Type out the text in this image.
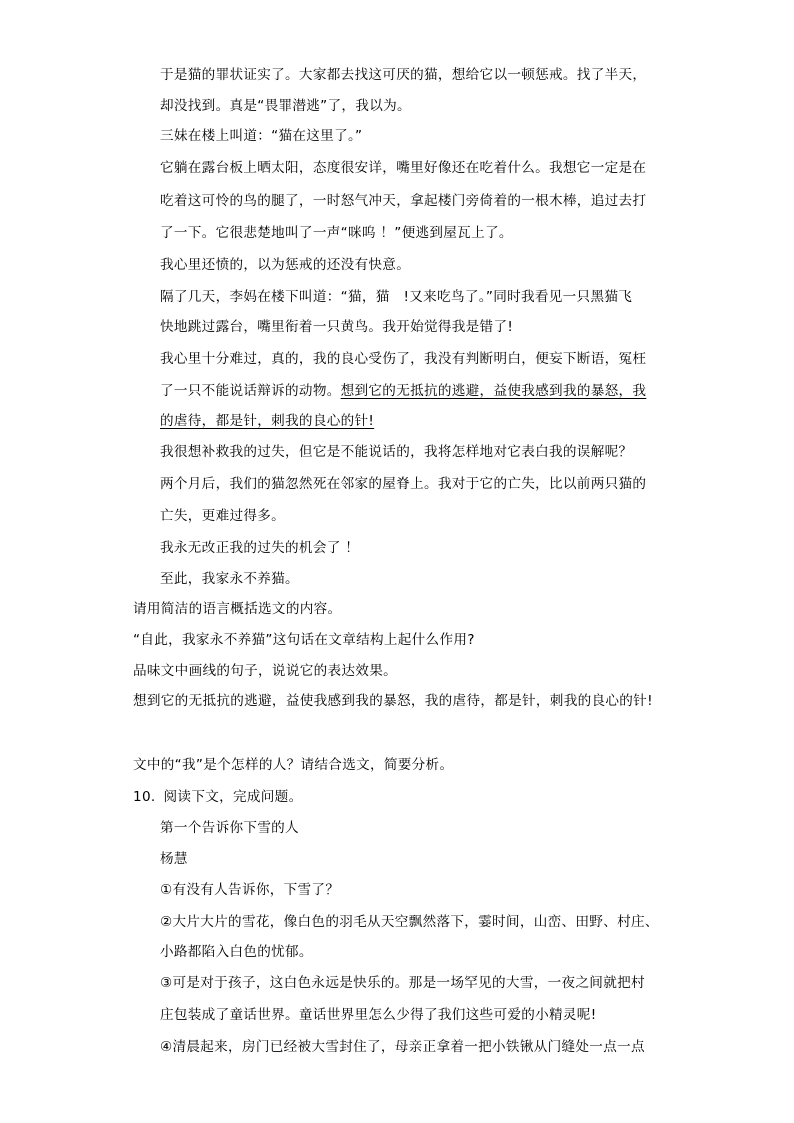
于是猫的罪状证实了。大家都去找这可厌的猫，想给它以一顿惩戒。找了半天，
却没找到。真是“畏罪潜逃”了，我以为。
三妹在楼上叫道：“猫在这里了。”
它躺在露台板上晒太阳，态度很安详，嘴里好像还在吃着什么。我想它一定是在
吃着这可怜的鸟的腿了，一时怒气冲天，拿起楼门旁倚着的一根木棒，追过去打
了一下。它很悲楚地叫了一声“咪呜 ！”便逃到屋瓦上了。
我心里还愤的，以为惩戒的还没有快意。
隔了几天，李妈在楼下叫道：“猫，猫　!又来吃鸟了。”同时我看见一只黑猫飞
快地跳过露台，嘴里衔着一只黄鸟。我开始觉得我是错了!
我心里十分难过，真的，我的良心受伤了，我没有判断明白，便妄下断语，冤枉
了一只不能说话辩诉的动物。想到它的无抵抗的逃避，益使我感到我的暴怒，我
的虐待，都是针，刺我的良心的针!
我很想补救我的过失，但它是不能说话的，我将怎样地对它表白我的误解呢？
两个月后，我们的猫忽然死在邻家的屋脊上。我对于它的亡失，比以前两只猫的
亡失，更难过得多。
我永无改正我的过失的机会了 ！
至此，我家永不养猫。
请用简洁的语言概括选文的内容。
“自此，我家永不养猫”这句话在文章结构上起什么作用?
品味文中画线的句子，说说它的表达效果。
想到它的无抵抗的逃避，益使我感到我的暴怒，我的虐待，都是针，刺我的良心的针!
文中的“我”是个怎样的人？请结合选文，简要分析。
10. 阅读下文，完成问题。
第一个告诉你下雪的人
杨慧
①有没有人告诉你，下雪了？
②大片大片的雪花，像白色的羽毛从天空飘然落下，霎时间，山峦、田野、村庄、
小路都陷入白色的忧郁。
③可是对于孩子，这白色永远是快乐的。那是一场罕见的大雪，一夜之间就把村
庄包装成了童话世界。童话世界里怎么少得了我们这些可爱的小精灵呢!
④清晨起来，房门已经被大雪封住了，母亲正拿着一把小铁锹从门缝处一点一点
